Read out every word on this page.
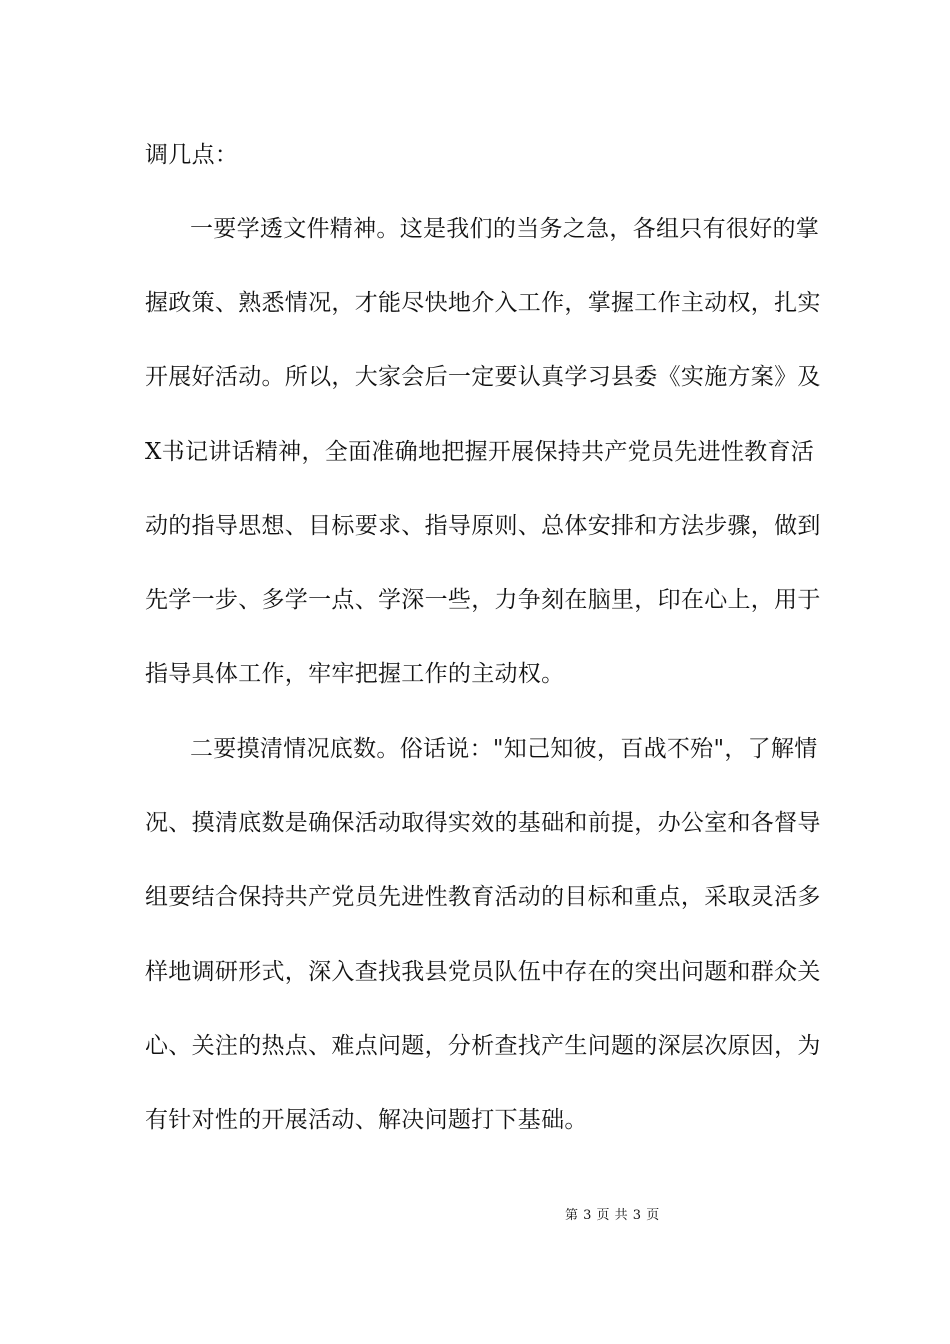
调几点：
一要学透文件精神。这是我们的当务之急，各组只有很好的掌
握政策、熟悉情况，才能尽快地介入工作，掌握工作主动权，扎实
开展好活动。所以，大家会后一定要认真学习县委《实施方案》及
X书记讲话精神，全面准确地把握开展保持共产党员先进性教育活
动的指导思想、目标要求、指导原则、总体安排和方法步骤，做到
先学一步、多学一点、学深一些，力争刻在脑里，印在心上，用于
指导具体工作，牢牢把握工作的主动权。
二要摸清情况底数。俗话说："知己知彼，百战不殆"，了解情
况、摸清底数是确保活动取得实效的基础和前提，办公室和各督导
组要结合保持共产党员先进性教育活动的目标和重点，采取灵活多
样地调研形式，深入查找我县党员队伍中存在的突出问题和群众关
心、关注的热点、难点问题，分析查找产生问题的深层次原因，为
有针对性的开展活动、解决问题打下基础。
第 3 页 共 3 页
